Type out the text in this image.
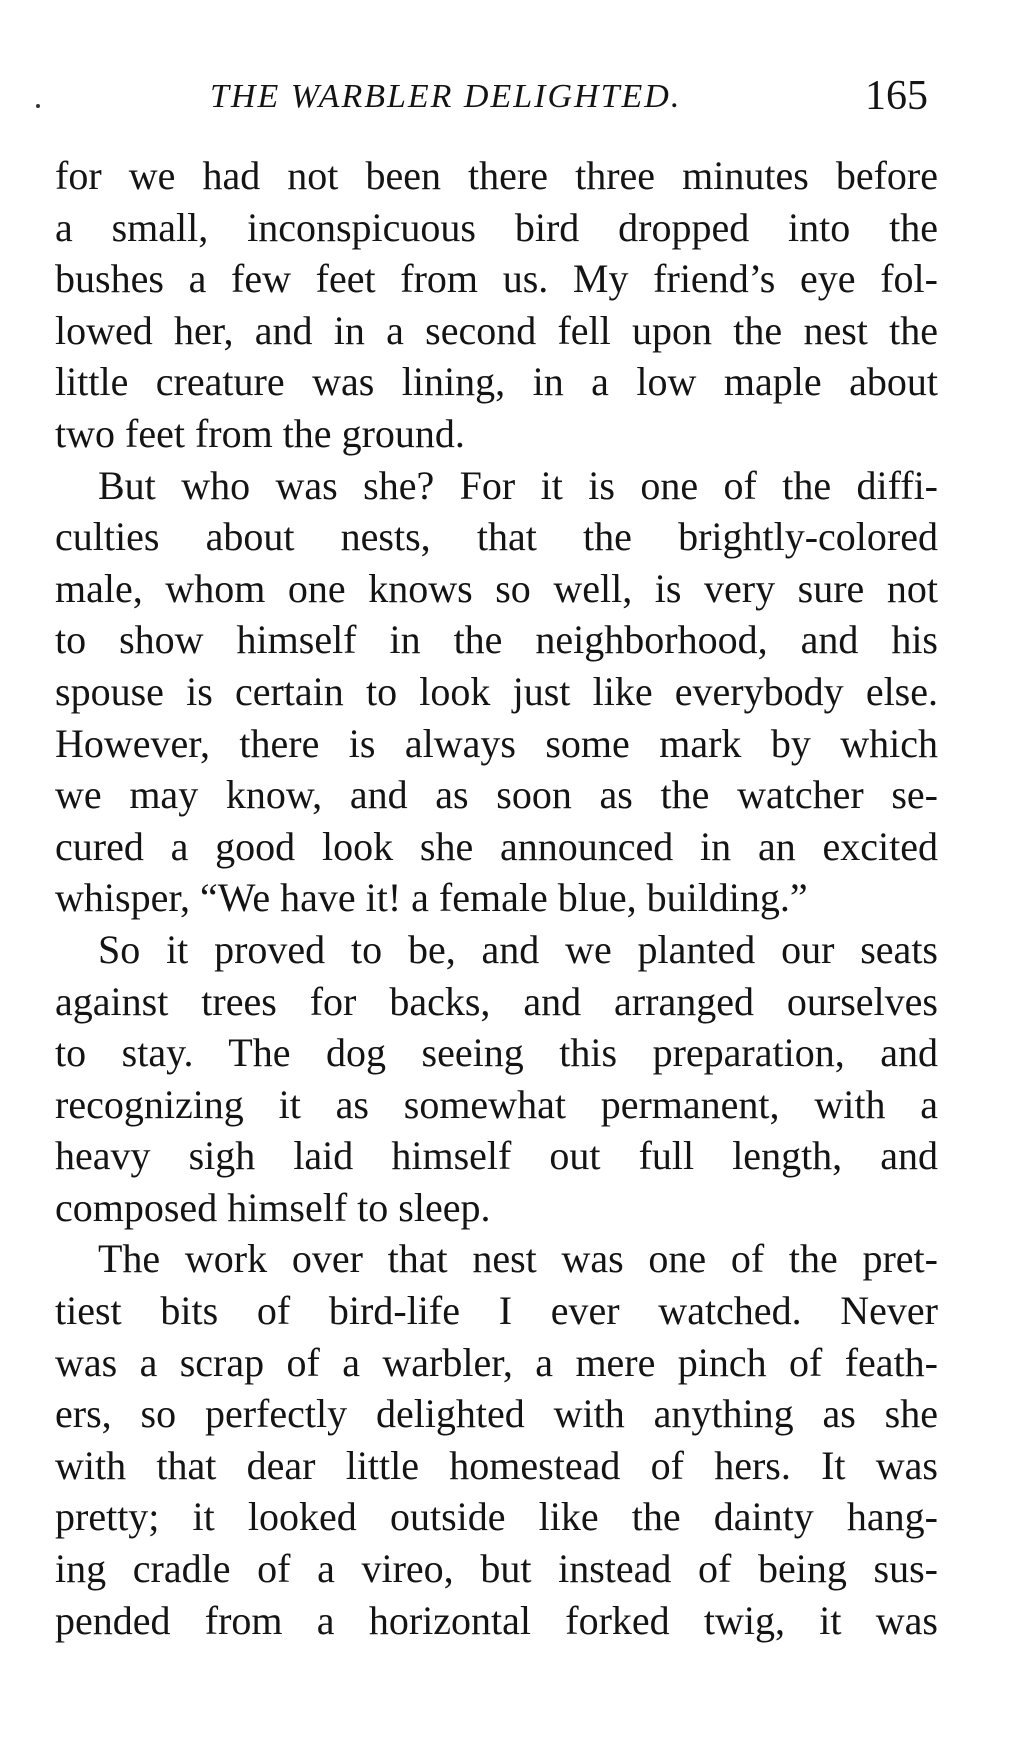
THE WARBLER DELIGHTED.	165
for we had not been there three minutes before
a small, inconspicuous bird dropped into the
bushes a few feet from us. My friend’s eye fol-
lowed her, and in a second fell upon the nest the
little creature was lining, in a low maple about
two feet from the ground.
But who was she? For it is one of the diffi-
culties about nests, that the brightly-colored
male, whom one knows so well, is very sure not
to show himself in the neighborhood, and his
spouse is certain to look just like everybody else.
However, there is always some mark by which
we may know, and as soon as the watcher se-
cured a good look she announced in an excited
whisper, “We have it! a female blue, building.”
So it proved to be, and we planted our seats
against trees for backs, and arranged ourselves
to stay. The dog seeing this preparation, and
recognizing it as somewhat permanent, with a
heavy sigh laid himself out full length, and
composed himself to sleep.
The work over that nest was one of the pret-
tiest bits of bird-life I ever watched. Never
was a scrap of a warbler, a mere pinch of feath-
ers, so perfectly delighted with anything as she
with that dear little homestead of hers. It was
pretty; it looked outside like the dainty hang-
ing cradle of a vireo, but instead of being sus-
pended from a horizontal forked twig, it was
